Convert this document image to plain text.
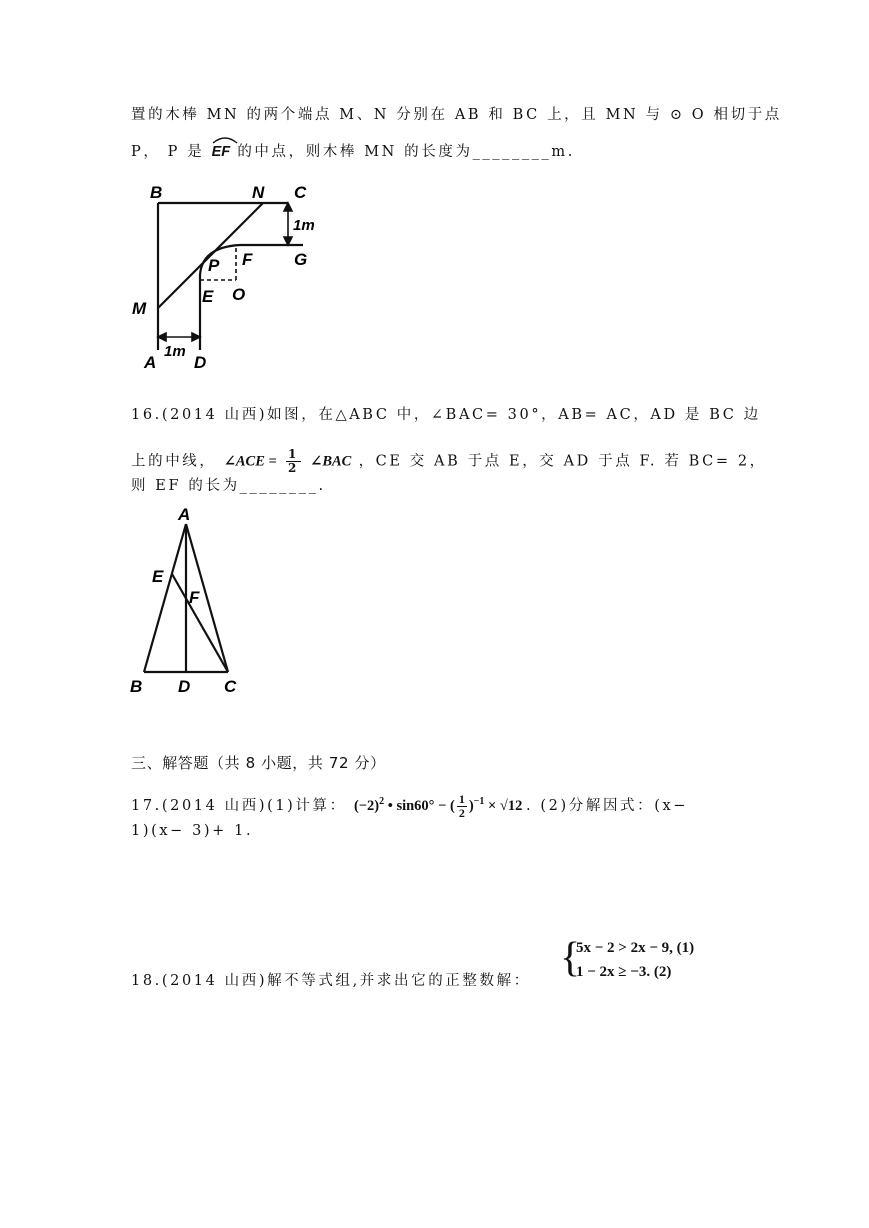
置的木棒 MN 的两个端点 M、N 分别在 AB 和 BC 上，且 MN 与 ⊙ O 相切于点
P， P 是 EF 的中点，则木棒 MN 的长度为________m.
B	N C
1m
P F G
E O
M
1m
A D
16.(2014 山西)如图，在△ABC 中，∠BAC= 30°，AB= AC，AD 是 BC 边
上的中线， ∠ACE = $\frac{1}{2}$ ∠BAC ，CE 交 AB 于点 E，交 AD 于点 F. 若 BC= 2，
则 EF 的长为________.
A
E
F
B D C
三、解答题（共 8 小题，共 72 分）
17.(2014 山西)(1)计算： $(-2)^2$ • sin60° − ( $\frac{1}{2} )^{-1} \times √12$ . (2)分解因式：(x−
1)(x− 3)+ 1.
18.(2014 山西)解不等式组,并求出它的正整数解： {
5x − 2 > 2x − 9, (1)
1 − 2x ≥ −3. (2)
